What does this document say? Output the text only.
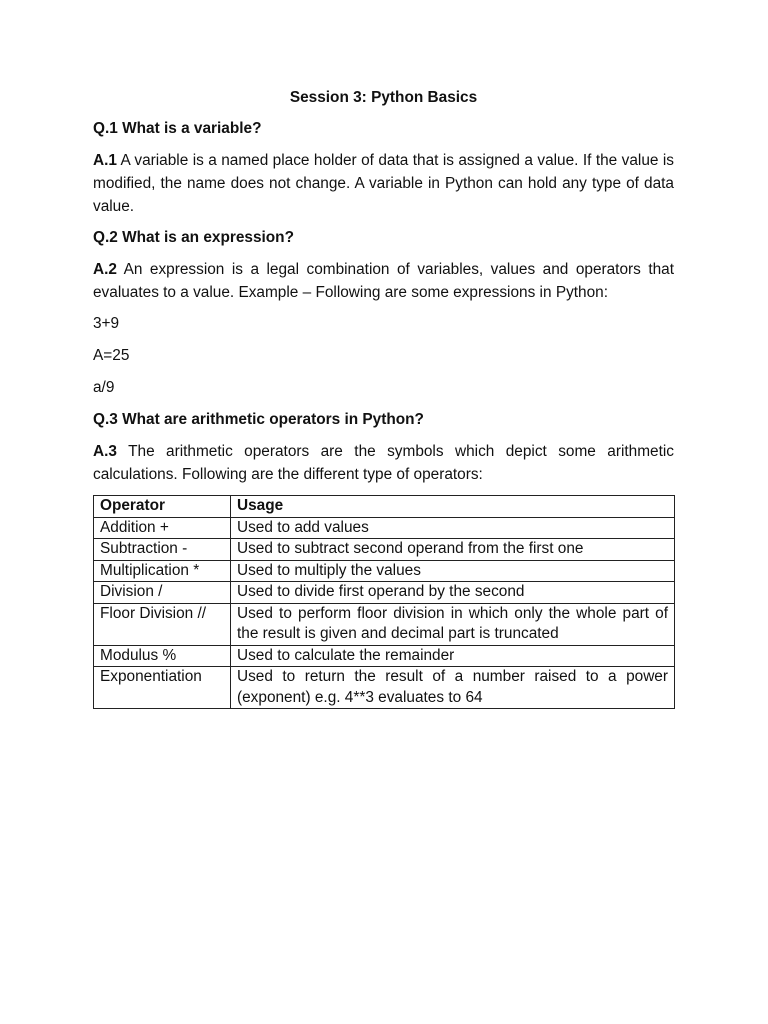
Session 3: Python Basics
Q.1 What is a variable?
A.1 A variable is a named place holder of data that is assigned a value. If the value is modified, the name does not change. A variable in Python can hold any type of data value.
Q.2 What is an expression?
A.2 An expression is a legal combination of variables, values and operators that evaluates to a value. Example – Following are some expressions in Python:
3+9
A=25
a/9
Q.3 What are arithmetic operators in Python?
A.3 The arithmetic operators are the symbols which depict some arithmetic calculations. Following are the different type of operators:
Operator	Usage
Addition +	Used to add values
Subtraction -	Used to subtract second operand from the first one
Multiplication *	Used to multiply the values
Division /	Used to divide first operand by the second
Floor Division //	Used to perform floor division in which only the whole part of the result is given and decimal part is truncated
Modulus %	Used to calculate the remainder
Exponentiation	Used to return the result of a number raised to a power (exponent) e.g. 4**3 evaluates to 64
